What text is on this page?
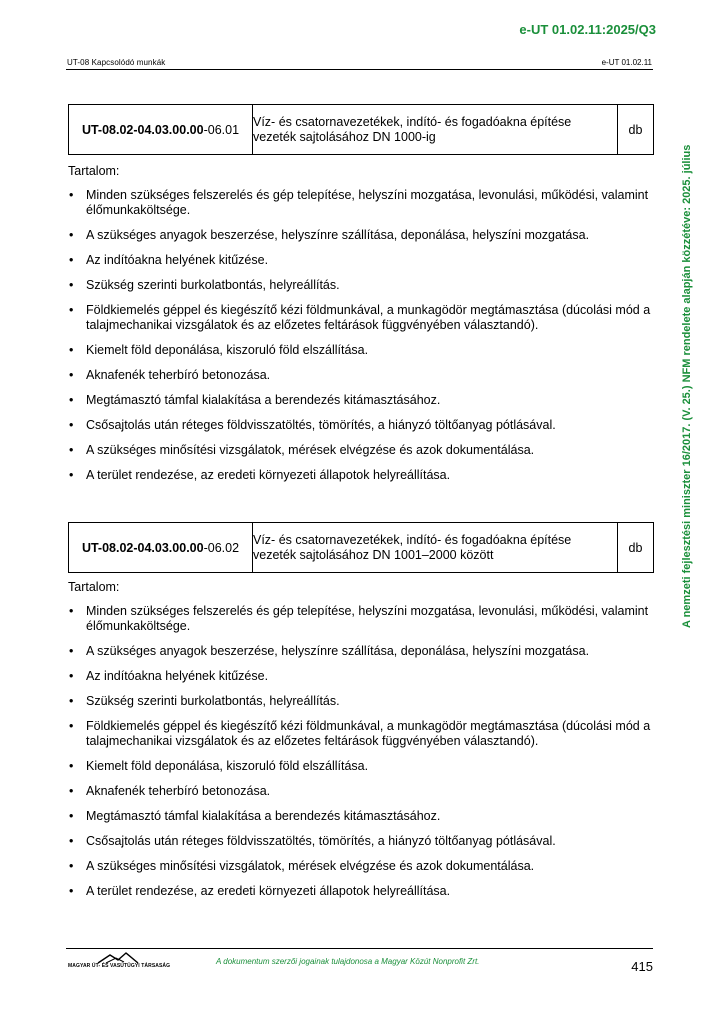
e-UT 01.02.11:2025/Q3
UT-08 Kapcsolódó munkák	e-UT 01.02.11
A nemzeti fejlesztési miniszter 16/2017. (V. 25.) NFM rendelete alapján közzétéve: 2025. július
UT-08.02-04.03.00.00-06.01	Víz- és csatornavezetékek, indító- és fogadóakna építése vezeték sajtolásához DN 1000-ig	db
Tartalom:
• Minden szükséges felszerelés és gép telepítése, helyszíni mozgatása, levonulási, működési, valamint élőmunkaköltsége.
• A szükséges anyagok beszerzése, helyszínre szállítása, deponálása, helyszíni mozgatása.
• Az indítóakna helyének kitűzése.
• Szükség szerinti burkolatbontás, helyreállítás.
• Földkiemelés géppel és kiegészítő kézi földmunkával, a munkagödör megtámasztása (dúcolási mód a talajmechanikai vizsgálatok és az előzetes feltárások függvényében választandó).
• Kiemelt föld deponálása, kiszoruló föld elszállítása.
• Aknafenék teherbíró betonozása.
• Megtámasztó támfal kialakítása a berendezés kitámasztásához.
• Csősajtolás után réteges földvisszatöltés, tömörítés, a hiányzó töltőanyag pótlásával.
• A szükséges minősítési vizsgálatok, mérések elvégzése és azok dokumentálása.
• A terület rendezése, az eredeti környezeti állapotok helyreállítása.
UT-08.02-04.03.00.00-06.02	Víz- és csatornavezetékek, indító- és fogadóakna építése vezeték sajtolásához DN 1001–2000 között	db
Tartalom:
• Minden szükséges felszerelés és gép telepítése, helyszíni mozgatása, levonulási, működési, valamint élőmunkaköltsége.
• A szükséges anyagok beszerzése, helyszínre szállítása, deponálása, helyszíni mozgatása.
• Az indítóakna helyének kitűzése.
• Szükség szerinti burkolatbontás, helyreállítás.
• Földkiemelés géppel és kiegészítő kézi földmunkával, a munkagödör megtámasztása (dúcolási mód a talajmechanikai vizsgálatok és az előzetes feltárások függvényében választandó).
• Kiemelt föld deponálása, kiszoruló föld elszállítása.
• Aknafenék teherbíró betonozása.
• Megtámasztó támfal kialakítása a berendezés kitámasztásához.
• Csősajtolás után réteges földvisszatöltés, tömörítés, a hiányzó töltőanyag pótlásával.
• A szükséges minősítési vizsgálatok, mérések elvégzése és azok dokumentálása.
• A terület rendezése, az eredeti környezeti állapotok helyreállítása.
MAGYAR ÚT- ÉS VASÚTÜGYI TÁRSASÁG	A dokumentum szerzői jogainak tulajdonosa a Magyar Közút Nonprofit Zrt.	415
